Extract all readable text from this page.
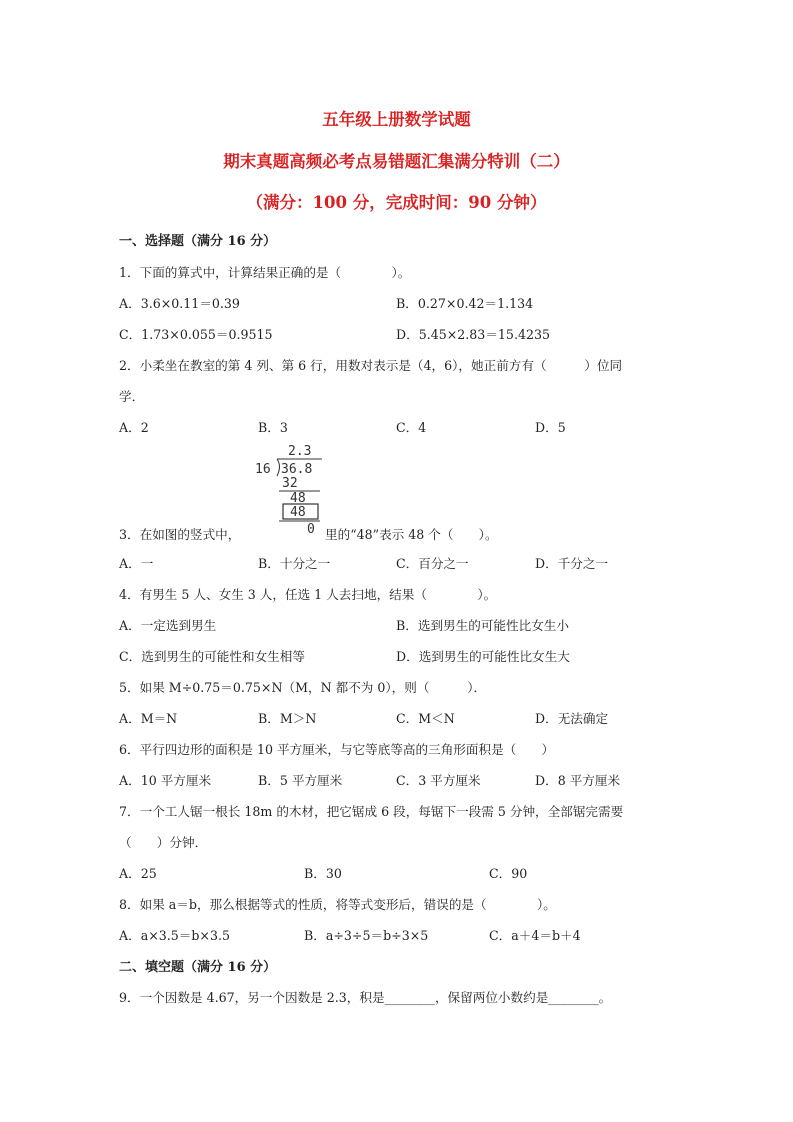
五年级上册数学试题
期末真题高频必考点易错题汇集满分特训（二）
（满分：100 分，完成时间：90 分钟）
一、选择题（满分 16 分）
1．下面的算式中，计算结果正确的是（　　　　）。
A．3.6×0.11＝0.39	B．0.27×0.42＝1.134
C．1.73×0.055＝0.9515	D．5.45×2.83＝15.4235
2．小柔坐在教室的第 4 列、第 6 行，用数对表示是（4，6），她正前方有（　　　）位同
学．
A．2	B．3	C．4	D．5
2.3
16 36.8
32
48
48
0
3．在如图的竖式中，	里的“48”表示 48 个（　　）。
A．一	B．十分之一	C．百分之一	D．千分之一
4．有男生 5 人、女生 3 人，任选 1 人去扫地，结果（　　　　）。
A．一定选到男生	B．选到男生的可能性比女生小
C．选到男生的可能性和女生相等	D．选到男生的可能性比女生大
5．如果 M÷0.75＝0.75×N（M，N 都不为 0），则（　　　）．
A．M＝N	B．M＞N	C．M＜N	D．无法确定
6．平行四边形的面积是 10 平方厘米，与它等底等高的三角形面积是（　　）
A．10 平方厘米	B．5 平方厘米	C．3 平方厘米	D．8 平方厘米
7．一个工人锯一根长 18m 的木材，把它锯成 6 段，每锯下一段需 5 分钟，全部锯完需要
（　　）分钟．
A．25	B．30	C．90
8．如果 a＝b，那么根据等式的性质，将等式变形后，错误的是（　　　　）。
A．a×3.5＝b×3.5	B．a÷3÷5＝b÷3×5	C．a＋4＝b＋4
二、填空题（满分 16 分）
9．一个因数是 4.67，另一个因数是 2.3，积是________，保留两位小数约是________。
